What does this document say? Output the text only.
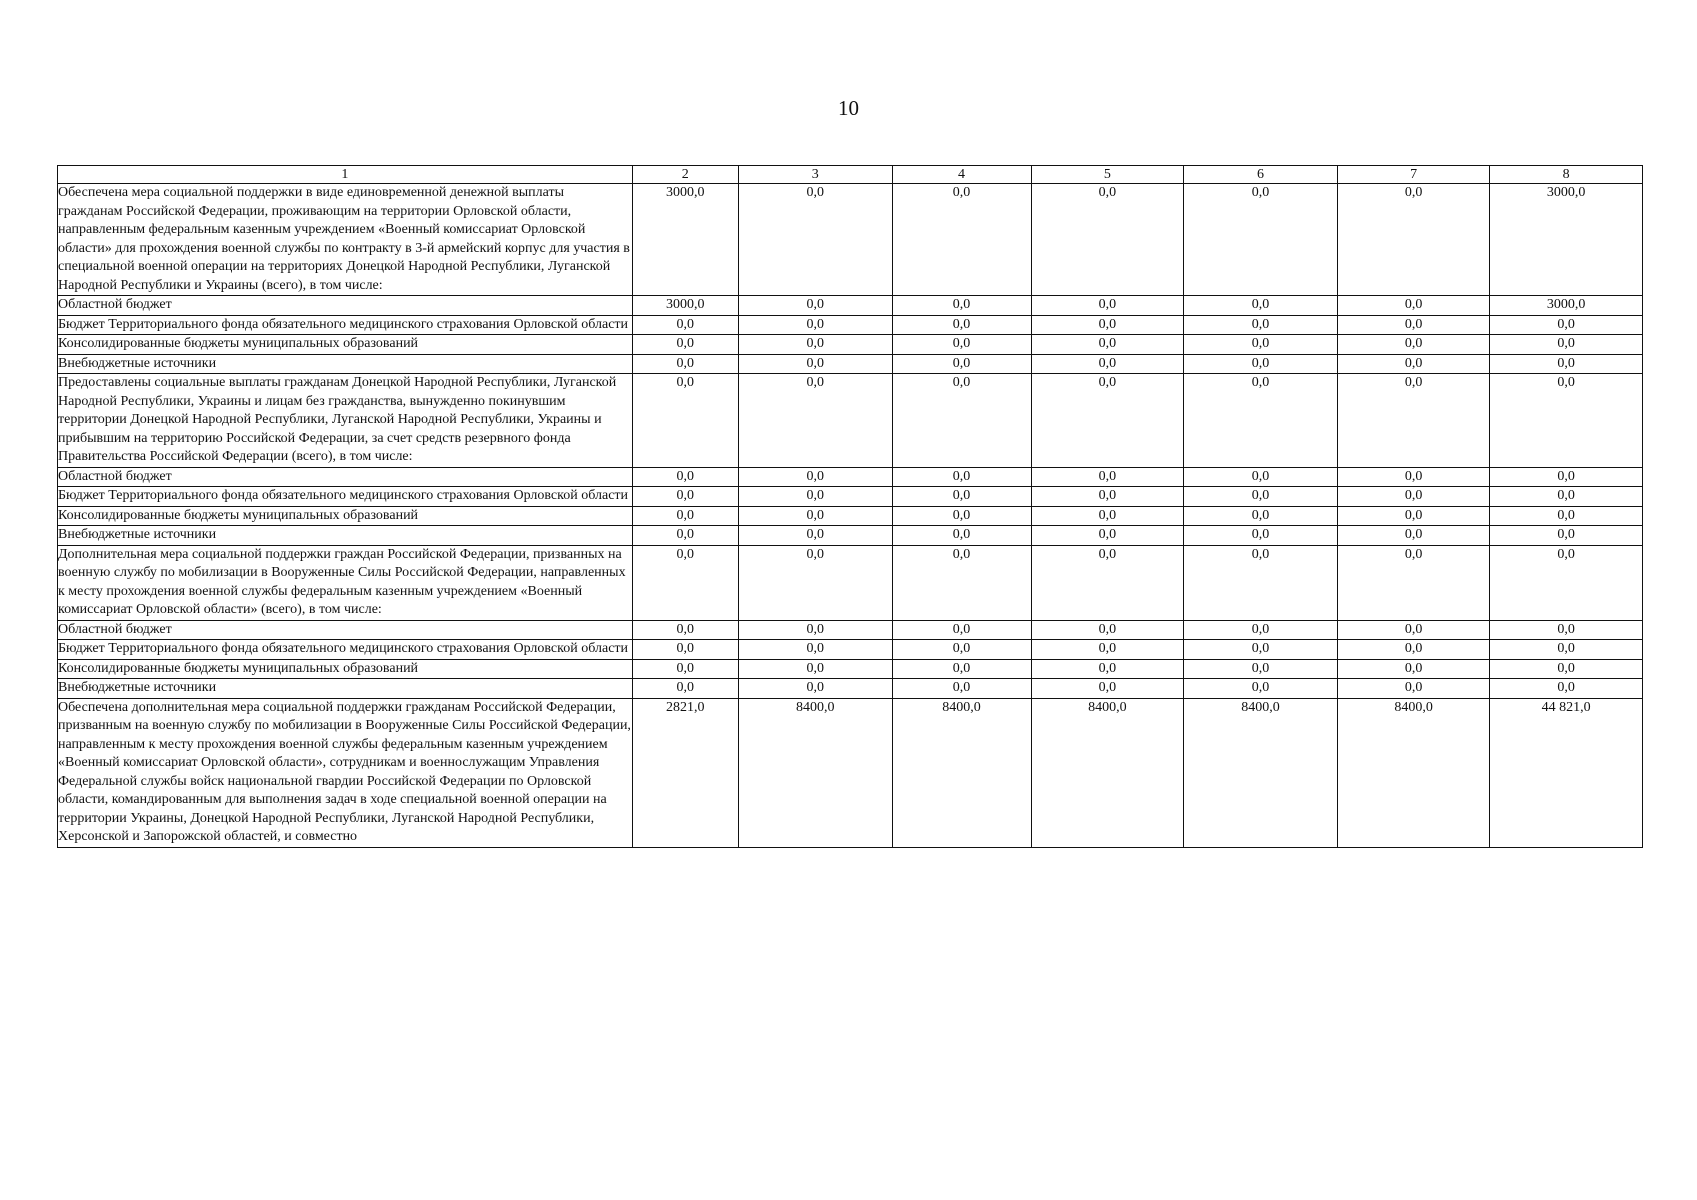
10
1	2	3	4	5	6	7	8
Обеспечена мера социальной поддержки в виде единовременной денежной выплаты гражданам Российской Федерации, проживающим на территории Орловской области, направленным федеральным казенным учреждением «Военный комиссариат Орловской области» для прохождения военной службы по контракту в 3-й армейский корпус для участия в специальной военной операции на территориях Донецкой Народной Республики, Луганской Народной Республики и Украины (всего), в том числе:	3000,0	0,0	0,0	0,0	0,0	0,0	3000,0
Областной бюджет	3000,0	0,0	0,0	0,0	0,0	0,0	3000,0
Бюджет Территориального фонда обязательного медицинского страхования Орловской области	0,0	0,0	0,0	0,0	0,0	0,0	0,0
Консолидированные бюджеты муниципальных образований	0,0	0,0	0,0	0,0	0,0	0,0	0,0
Внебюджетные источники	0,0	0,0	0,0	0,0	0,0	0,0	0,0
Предоставлены социальные выплаты гражданам Донецкой Народной Республики, Луганской Народной Республики, Украины и лицам без гражданства, вынужденно покинувшим территории Донецкой Народной Республики, Луганской Народной Республики, Украины и прибывшим на территорию Российской Федерации, за счет средств резервного фонда Правительства Российской Федерации (всего), в том числе:	0,0	0,0	0,0	0,0	0,0	0,0	0,0
Областной бюджет	0,0	0,0	0,0	0,0	0,0	0,0	0,0
Бюджет Территориального фонда обязательного медицинского страхования Орловской области	0,0	0,0	0,0	0,0	0,0	0,0	0,0
Консолидированные бюджеты муниципальных образований	0,0	0,0	0,0	0,0	0,0	0,0	0,0
Внебюджетные источники	0,0	0,0	0,0	0,0	0,0	0,0	0,0
Дополнительная мера социальной поддержки граждан Российской Федерации, призванных на военную службу по мобилизации в Вооруженные Силы Российской Федерации, направленных к месту прохождения военной службы федеральным казенным учреждением «Военный комиссариат Орловской области» (всего), в том числе:	0,0	0,0	0,0	0,0	0,0	0,0	0,0
Областной бюджет	0,0	0,0	0,0	0,0	0,0	0,0	0,0
Бюджет Территориального фонда обязательного медицинского страхования Орловской области	0,0	0,0	0,0	0,0	0,0	0,0	0,0
Консолидированные бюджеты муниципальных образований	0,0	0,0	0,0	0,0	0,0	0,0	0,0
Внебюджетные источники	0,0	0,0	0,0	0,0	0,0	0,0	0,0
Обеспечена дополнительная мера социальной поддержки гражданам Российской Федерации, призванным на военную службу по мобилизации в Вооруженные Силы Российской Федерации, направленным к месту прохождения военной службы федеральным казенным учреждением «Военный комиссариат Орловской области», сотрудникам и военнослужащим Управления Федеральной службы войск национальной гвардии Российской Федерации по Орловской области, командированным для выполнения задач в ходе специальной военной операции на территории Украины, Донецкой Народной Республики, Луганской Народной Республики, Херсонской и Запорожской областей, и совместно	2821,0	8400,0	8400,0	8400,0	8400,0	8400,0	44 821,0
